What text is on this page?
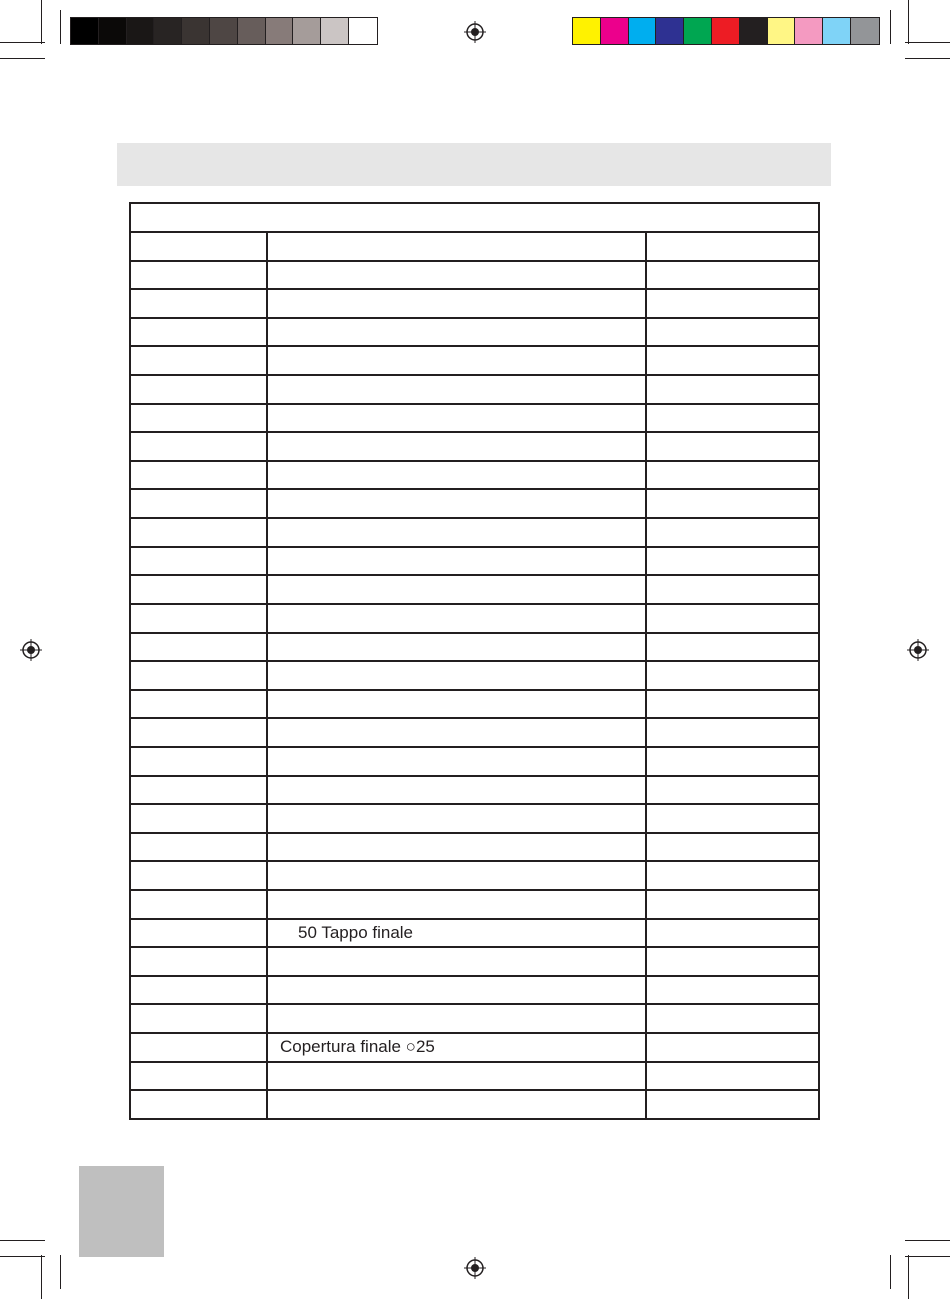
50 Tappo finale
Copertura finale ○25
